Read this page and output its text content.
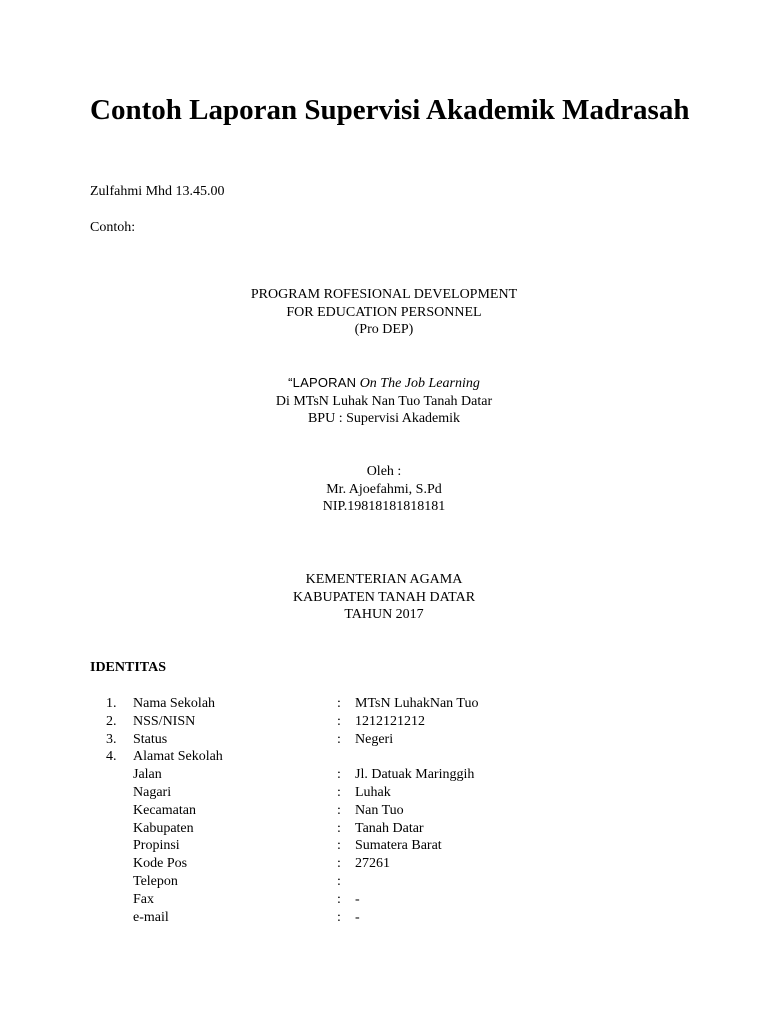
Contoh Laporan Supervisi Akademik Madrasah
Zulfahmi Mhd 13.45.00
Contoh:
PROGRAM ROFESIONAL DEVELOPMENT
FOR EDUCATION PERSONNEL
(Pro DEP)
“LAPORAN On The Job Learning
Di MTsN Luhak Nan Tuo Tanah Datar
BPU : Supervisi Akademik
Oleh :
Mr. Ajoefahmi, S.Pd
NIP.19818181818181
KEMENTERIAN AGAMA
KABUPATEN TANAH DATAR
TAHUN 2017
IDENTITAS
1.	Nama Sekolah	: MTsN LuhakNan Tuo
2.	NSS/NISN	: 1212121212
3.	Status	: Negeri
4.	Alamat Sekolah
Jalan	: Jl. Datuak Maringgih
Nagari	: Luhak
Kecamatan	: Nan Tuo
Kabupaten	: Tanah Datar
Propinsi	: Sumatera Barat
Kode Pos	: 27261
Telepon	:
Fax	: -
e-mail	: -
